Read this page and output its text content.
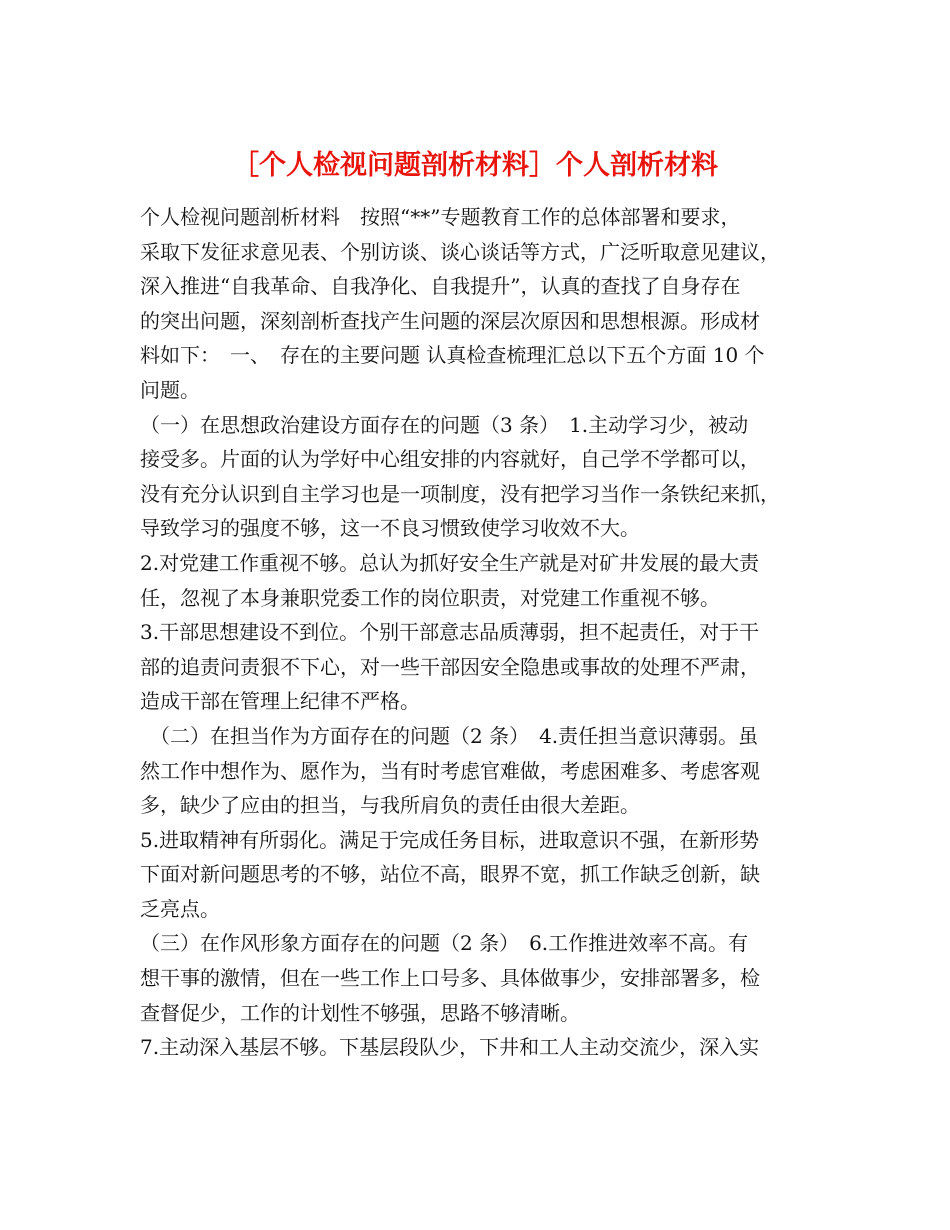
［个人检视问题剖析材料］个人剖析材料

个人检视问题剖析材料　按照“**”专题教育工作的总体部署和要求，
采取下发征求意见表、个别访谈、谈心谈话等方式，广泛听取意见建议，
深入推进“自我革命、自我净化、自我提升”，认真的查找了自身存在
的突出问题，深刻剖析查找产生问题的深层次原因和思想根源。形成材
料如下：　一、　存在的主要问题 认真检查梳理汇总以下五个方面 10 个
问题。

（一）在思想政治建设方面存在的问题（3 条）　1.主动学习少，被动
接受多。片面的认为学好中心组安排的内容就好，自己学不学都可以，
没有充分认识到自主学习也是一项制度，没有把学习当作一条铁纪来抓，
导致学习的强度不够，这一不良习惯致使学习收效不大。

2.对党建工作重视不够。总认为抓好安全生产就是对矿井发展的最大责
任，忽视了本身兼职党委工作的岗位职责，对党建工作重视不够。

3.干部思想建设不到位。个别干部意志品质薄弱，担不起责任，对于干
部的追责问责狠不下心，对一些干部因安全隐患或事故的处理不严肃，
造成干部在管理上纪律不严格。

　（二）在担当作为方面存在的问题（2 条）　4.责任担当意识薄弱。虽
然工作中想作为、愿作为，当有时考虑官难做，考虑困难多、考虑客观
多，缺少了应由的担当，与我所肩负的责任由很大差距。

5.进取精神有所弱化。满足于完成任务目标，进取意识不强，在新形势
下面对新问题思考的不够，站位不高，眼界不宽，抓工作缺乏创新，缺
乏亮点。

（三）在作风形象方面存在的问题（2 条）　6.工作推进效率不高。有
想干事的激情，但在一些工作上口号多、具体做事少，安排部署多，检
查督促少，工作的计划性不够强，思路不够清晰。

7.主动深入基层不够。下基层段队少，下井和工人主动交流少，深入实
